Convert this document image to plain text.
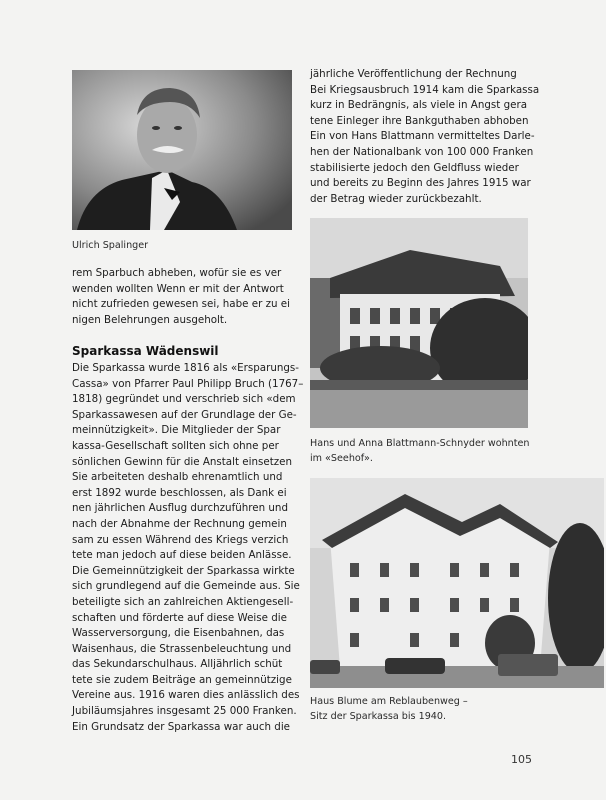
Ulrich Spalinger

jährliche Veröffentlichung der Rechnung
Bei Kriegsausbruch 1914 kam die Sparkassa
kurz in Bedrängnis, als viele in Angst gera
tene Einleger ihre Bankguthaben abhoben
Ein von Hans Blattmann vermitteltes Darle-
hen der Nationalbank von 100 000 Franken
stabilisierte jedoch den Geldfluss wieder
und bereits zu Beginn des Jahres 1915 war
der Betrag wieder zurückbezahlt.

Hans und Anna Blattmann-Schnyder wohnten
im «Seehof».
Haus Blume am Reblaubenweg –
Sitz der Sparkassa bis 1940.

rem Sparbuch abheben, wofür sie es ver
wenden wollten Wenn er mit der Antwort
nicht zufrieden gewesen sei, habe er zu ei
nigen Belehrungen ausgeholt.

Sparkassa Wädenswil

Die Sparkassa wurde 1816 als «Ersparungs-
Cassa» von Pfarrer Paul Philipp Bruch (1767–
1818) gegründet und verschrieb sich «dem
Sparkassawesen auf der Grundlage der Ge-
meinnützigkeit». Die Mitglieder der Spar
kassa-Gesellschaft sollten sich ohne per
sönlichen Gewinn für die Anstalt einsetzen
Sie arbeiteten deshalb ehrenamtlich und
erst 1892 wurde beschlossen, als Dank ei
nen jährlichen Ausflug durchzuführen und
nach der Abnahme der Rechnung gemein
sam zu essen Während des Kriegs verzich
tete man jedoch auf diese beiden Anlässe.
Die Gemeinnützigkeit der Sparkassa wirkte
sich grundlegend auf die Gemeinde aus. Sie
beteiligte sich an zahlreichen Aktiengesell-
schaften und förderte auf diese Weise die
Wasserversorgung, die Eisenbahnen, das
Waisenhaus, die Strassenbeleuchtung und
das Sekundarschulhaus. Alljährlich schüt
tete sie zudem Beiträge an gemeinnützige
Vereine aus. 1916 waren dies anlässlich des
Jubiläumsjahres insgesamt 25 000 Franken.
Ein Grundsatz der Sparkassa war auch die

105
